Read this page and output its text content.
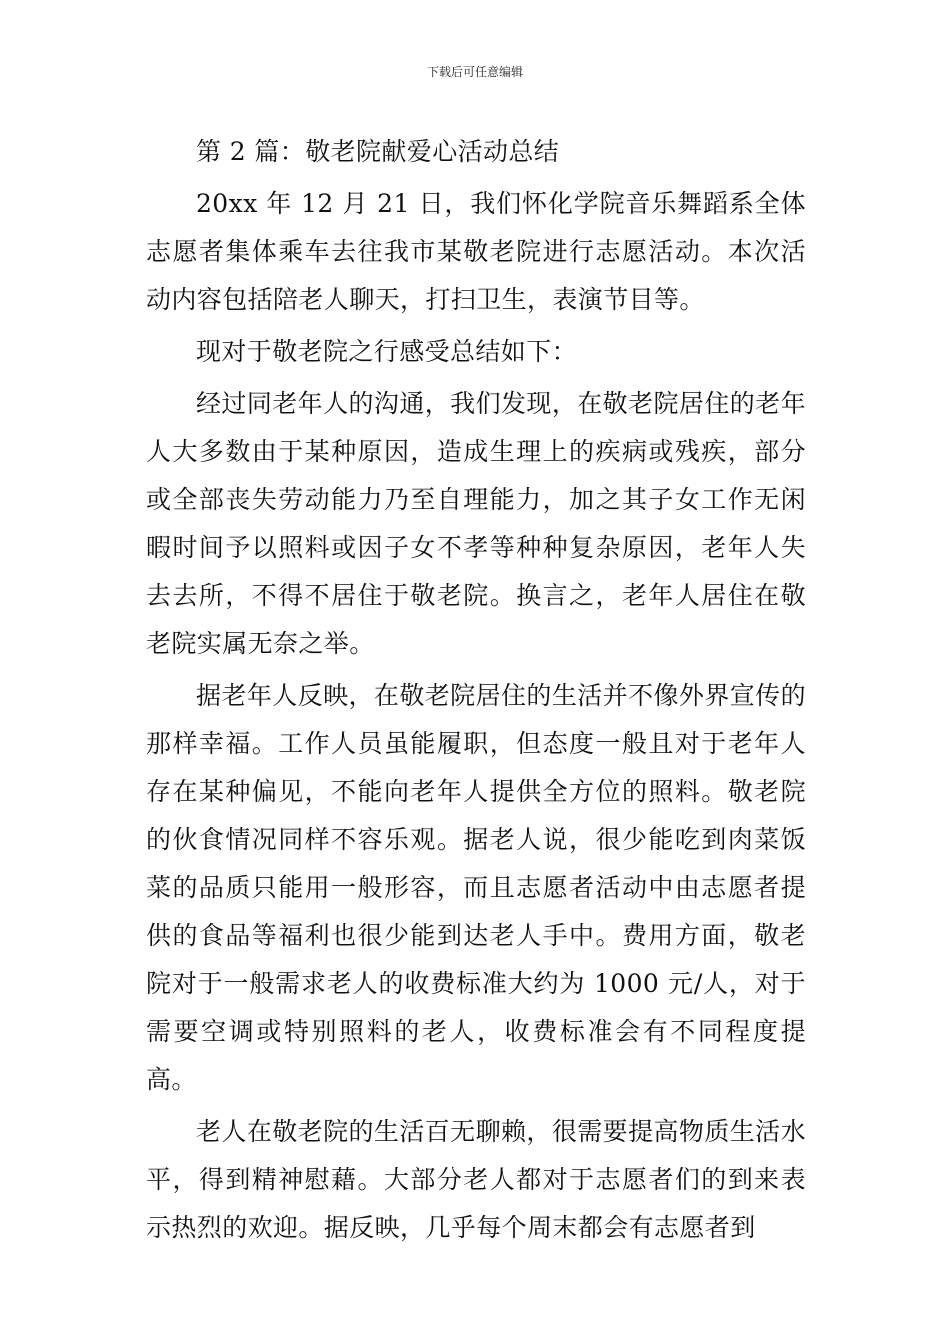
下载后可任意编辑

第 2 篇：敬老院献爱心活动总结

20xx 年 12 月 21 日，我们怀化学院音乐舞蹈系全体志愿者集体乘车去往我市某敬老院进行志愿活动。本次活动内容包括陪老人聊天，打扫卫生，表演节目等。

现对于敬老院之行感受总结如下：

经过同老年人的沟通，我们发现，在敬老院居住的老年人大多数由于某种原因，造成生理上的疾病或残疾，部分或全部丧失劳动能力乃至自理能力，加之其子女工作无闲暇时间予以照料或因子女不孝等种种复杂原因，老年人失去去所，不得不居住于敬老院。换言之，老年人居住在敬老院实属无奈之举。

据老年人反映，在敬老院居住的生活并不像外界宣传的那样幸福。工作人员虽能履职，但态度一般且对于老年人存在某种偏见，不能向老年人提供全方位的照料。敬老院的伙食情况同样不容乐观。据老人说，很少能吃到肉菜饭菜的品质只能用一般形容，而且志愿者活动中由志愿者提供的食品等福利也很少能到达老人手中。费用方面，敬老院对于一般需求老人的收费标准大约为 1000 元/人，对于需要空调或特别照料的老人，收费标准会有不同程度提高。

老人在敬老院的生活百无聊赖，很需要提高物质生活水平，得到精神慰藉。大部分老人都对于志愿者们的到来表示热烈的欢迎。据反映，几乎每个周末都会有志愿者到
